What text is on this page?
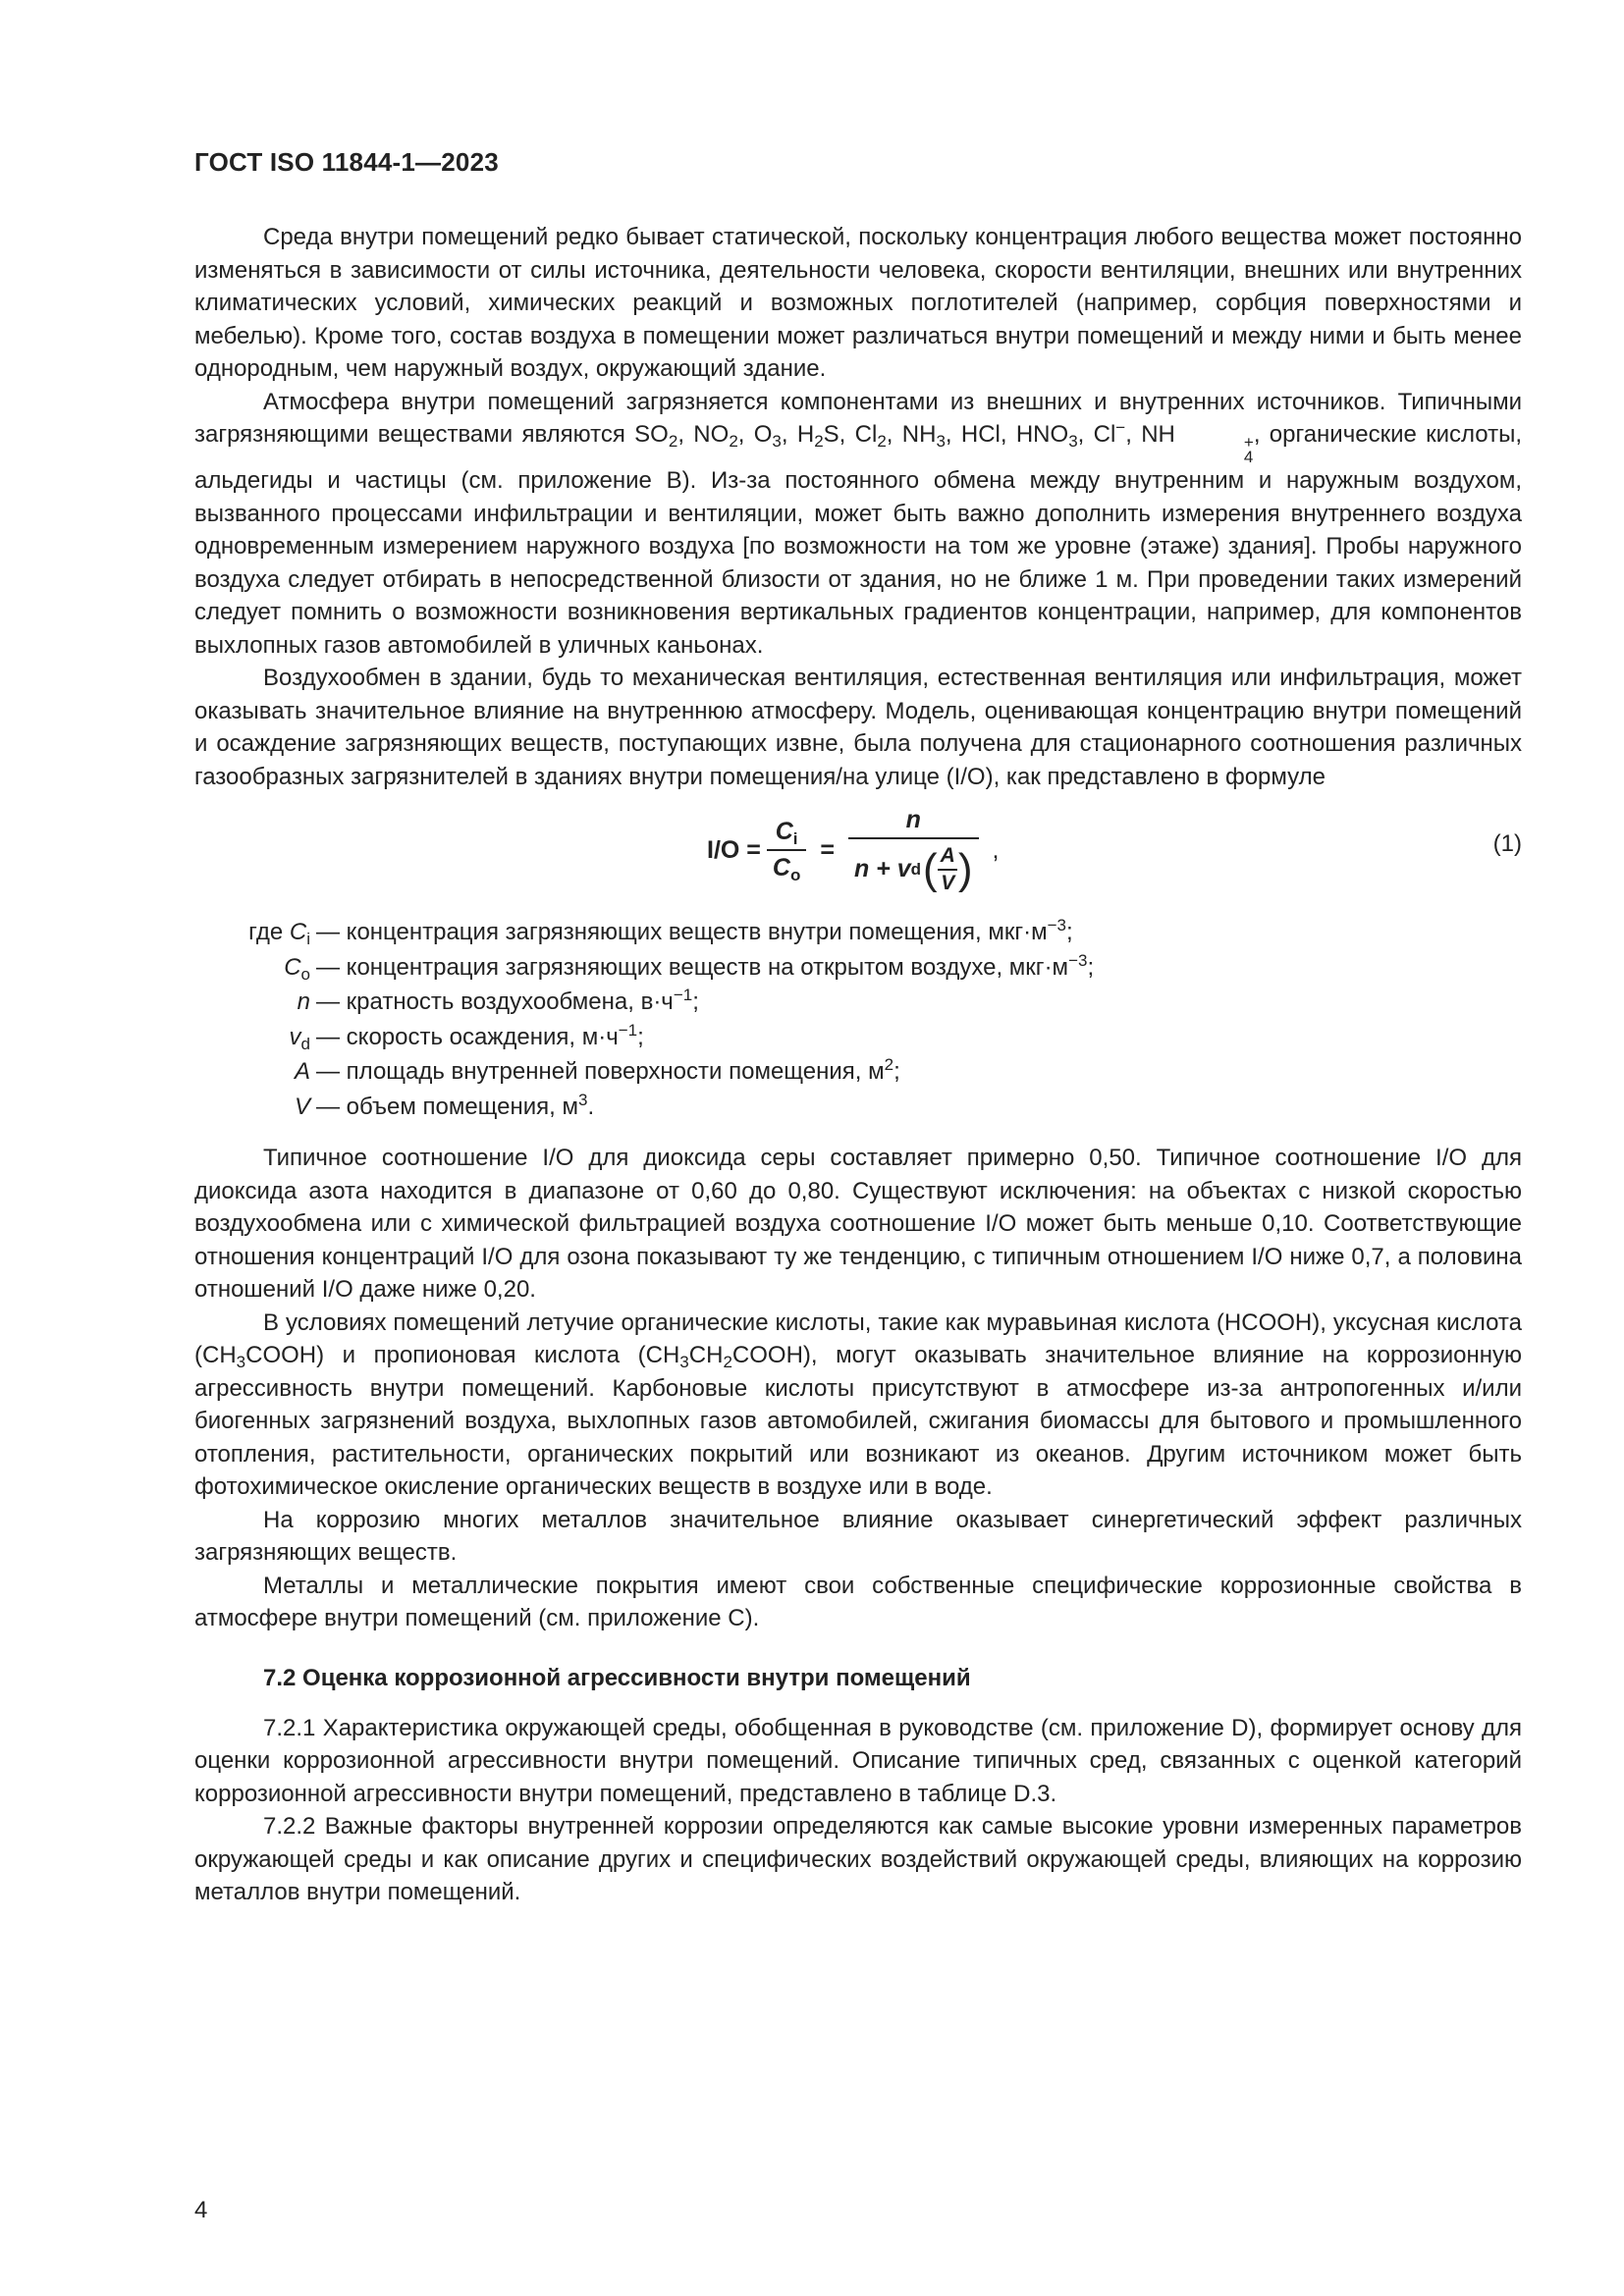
ГОСТ ISO 11844-1—2023

Среда внутри помещений редко бывает статической, поскольку концентрация любого вещества может постоянно изменяться в зависимости от силы источника, деятельности человека, скорости вентиляции, внешних или внутренних климатических условий, химических реакций и возможных поглотителей (например, сорбция поверхностями и мебелью). Кроме того, состав воздуха в помещении может различаться внутри помещений и между ними и быть менее однородным, чем наружный воздух, окружающий здание.

Атмосфера внутри помещений загрязняется компонентами из внешних и внутренних источников. Типичными загрязняющими веществами являются $SO_2$, $NO_2$, $O_3$, $H_2S$, $Cl_2$, $NH_3$, HCl, $HNO_3$, Cl−, NH	+
4
, органические кислоты, альдегиды и частицы (см. приложение В). Из-за постоянного обмена между внутренним и наружным воздухом, вызванного процессами инфильтрации и вентиляции, может быть важно дополнить измерения внутреннего воздуха одновременным измерением наружного воздуха [по возможности на том же уровне (этаже) здания]. Пробы наружного воздуха следует отбирать в непосредственной близости от здания, но не ближе 1 м. При проведении таких измерений следует помнить о возможности возникновения вертикальных градиентов концентрации, например, для компонентов выхлопных газов автомобилей в уличных каньонах.

Воздухообмен в здании, будь то механическая вентиляция, естественная вентиляция или инфильтрация, может оказывать значительное влияние на внутреннюю атмосферу. Модель, оценивающая концентрацию внутри помещений и осаждение загрязняющих веществ, поступающих извне, была получена для стационарного соотношения различных газообразных загрязнителей в зданиях внутри помещения/на улице (I/O), как представлено в формуле

$I/O = \frac{C_i}{C_o} = \frac{n}{n + v d ( \frac{A}{V} )}$ ,	(1)
где $C_i$ — концентрация загрязняющих веществ внутри помещения, $мкг\cdot м^{-3}$;
$C_o$ — концентрация загрязняющих веществ на открытом воздухе, $мкг\cdot м^{-3}$;
n — кратность воздухообмена, $в\cdot ч^{-1}$;
$v_d$ — скорость осаждения, $м\cdot ч^{-1}$;
A — площадь внутренней поверхности помещения, $м^2$;
V — объем помещения, $м^3$.

Типичное соотношение I/O для диоксида серы составляет примерно 0,50. Типичное соотношение I/O для диоксида азота находится в диапазоне от 0,60 до 0,80. Существуют исключения: на объектах с низкой скоростью воздухообмена или с химической фильтрацией воздуха соотношение I/O может быть меньше 0,10. Соответствующие отношения концентраций I/O для озона показывают ту же тенденцию, с типичным отношением I/O ниже 0,7, а половина отношений I/O даже ниже 0,20.

В условиях помещений летучие органические кислоты, такие как муравьиная кислота (HCOOH), уксусная кислота $(CH_3COOH)$ и пропионовая кислота $(CH_3CH_2COOH)$, могут оказывать значительное влияние на коррозионную агрессивность внутри помещений. Карбоновые кислоты присутствуют в атмосфере из-за антропогенных и/или биогенных загрязнений воздуха, выхлопных газов автомобилей, сжигания биомассы для бытового и промышленного отопления, растительности, органических покрытий или возникают из океанов. Другим источником может быть фотохимическое окисление органических веществ в воздухе или в воде.

На коррозию многих металлов значительное влияние оказывает синергетический эффект различных загрязняющих веществ.

Металлы и металлические покрытия имеют свои собственные специфические коррозионные свойства в атмосфере внутри помещений (см. приложение С).

7.2 Оценка коррозионной агрессивности внутри помещений

7.2.1 Характеристика окружающей среды, обобщенная в руководстве (см. приложение D), формирует основу для оценки коррозионной агрессивности внутри помещений. Описание типичных сред, связанных с оценкой категорий коррозионной агрессивности внутри помещений, представлено в таблице D.3.

7.2.2 Важные факторы внутренней коррозии определяются как самые высокие уровни измеренных параметров окружающей среды и как описание других и специфических воздействий окружающей среды, влияющих на коррозию металлов внутри помещений.

4
